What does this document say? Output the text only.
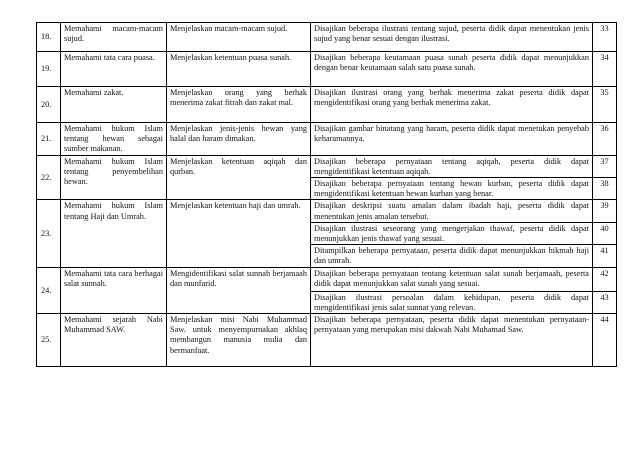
18.	Memahami macam-macam sujud.	Menjelaskan macam-macam sujud.	Disajikan beberapa ilustrasi tentang sujud, peserta didik dapat menentukan jenis sujud yang benar sesuai dengan ilustrasi.	33
19.	Memahami tata cara puasa.	Menjelaskan ketentuan puasa sunah.	Disajikan beberapa keutamaan puasa sunah peserta didik dapat menunjukkan dengan benar keutamaan salah satu puasa sunah.	34
20.	Memahami zakat.	Menjelaskan orang yang berhak menerima zakat fitrah dan zakat mal.	Disajikan ilustrasi orang yang berhak menerima zakat peserta didik dapat mengidentifikasi orang yang berhak menerima zakat.	35
21.	Memahami hukum Islam tentang hewan sebagai sumber makanan.	Menjelaskan jenis-jenis hewan yang halal dan haram dimakan.	Disajikan gambar binatang yang haram, peserta didik dapat menetukan penyebab keharamannya.	36
22.	Memahami hukum Islam tentang penyembelihan hewan.	Menjelaskan ketentuan aqiqah dan qurban.	Disajikan beberapa pernyataan tentang aqiqah, peserta didik dapat mengidentifikasi ketentuan aqiqah.	37
			Disajikan beberapa pernyataan tentang hewan kurban, peserta didik dapat mengidentifikasi ketentuan hewan kurban yang benar.	38
23.	Memahami hukum Islam tentang Haji dan Umrah.	Menjelaskan ketentuan haji dan umrah.	Disajikan deskripsi suatu amalan dalam ibadah haji, peserta didik dapat menentukan jenis amalan tersebut.	39
			Disajikan ilustrasi seseorang yang mengerjakan thawaf, peserta didik dapat menunjukkan jenis thawaf yang sesuai.	40
			Ditampilkan beberapa pernyataan, peserta didik dapat menunjukkan hikmah haji dan umrah.	41
24.	Memahami tata cara berhagai salat sunnah.	Mengidentifikasi salat sunnah berjamaah dan munfarid.	Disajikan beberapa pernyataan tentang ketentuan salat sunah berjamaah, peserta didik dapat menunjukkan salat sunah yang sesuai.	42
			Disajikan ilustrasi persoalan dalam kehidupan, peserta didik dapat mengidentifikasi jenis salat sunnat yang relevan.	43
25.	Memahami sejarah Nabi Muhammad SAW.	Menjelaskan misi Nabi Muhammad Saw. untuk menyempurnakan akhlaq membangun manusia mulia dan bermanfaat.	Disajikan beberapa pernyataan, peserta didik dapat menentukan pernyataan-pernyataan yang merupakan misi dakwah Nabi Muhamad Saw.	44
